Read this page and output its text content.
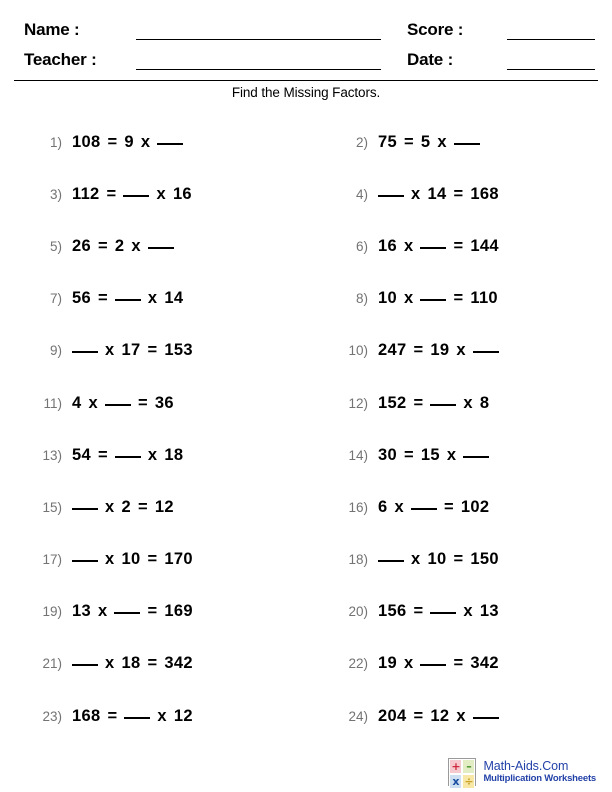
Name :	Score :
Teacher :	Date :
Find the Missing Factors.
1) 108 = 9 x	2) 75 = 5 x
3) 112 = x 16	4)	x 14 = 168
5) 26 = 2 x	6) 16 x = 144
7) 56 = x 14	8) 10 x = 110
9)	x 17 = 153	10) 247 = 19 x
11) 4 x = 36	12) 152 = x 8
13) 54 = x 18	14) 30 = 15 x
15)	x 2 = 12	16) 6 x = 102
17)	x 10 = 170	18)	x 10 = 150
19) 13 x = 169	20) 156 = x 13
21)	x 18 = 342	22) 19 x = 342
23) 168 = x 12	24) 204 = 12 x
+ –
x ÷
Math-Aids.Com
Multiplication Worksheets
